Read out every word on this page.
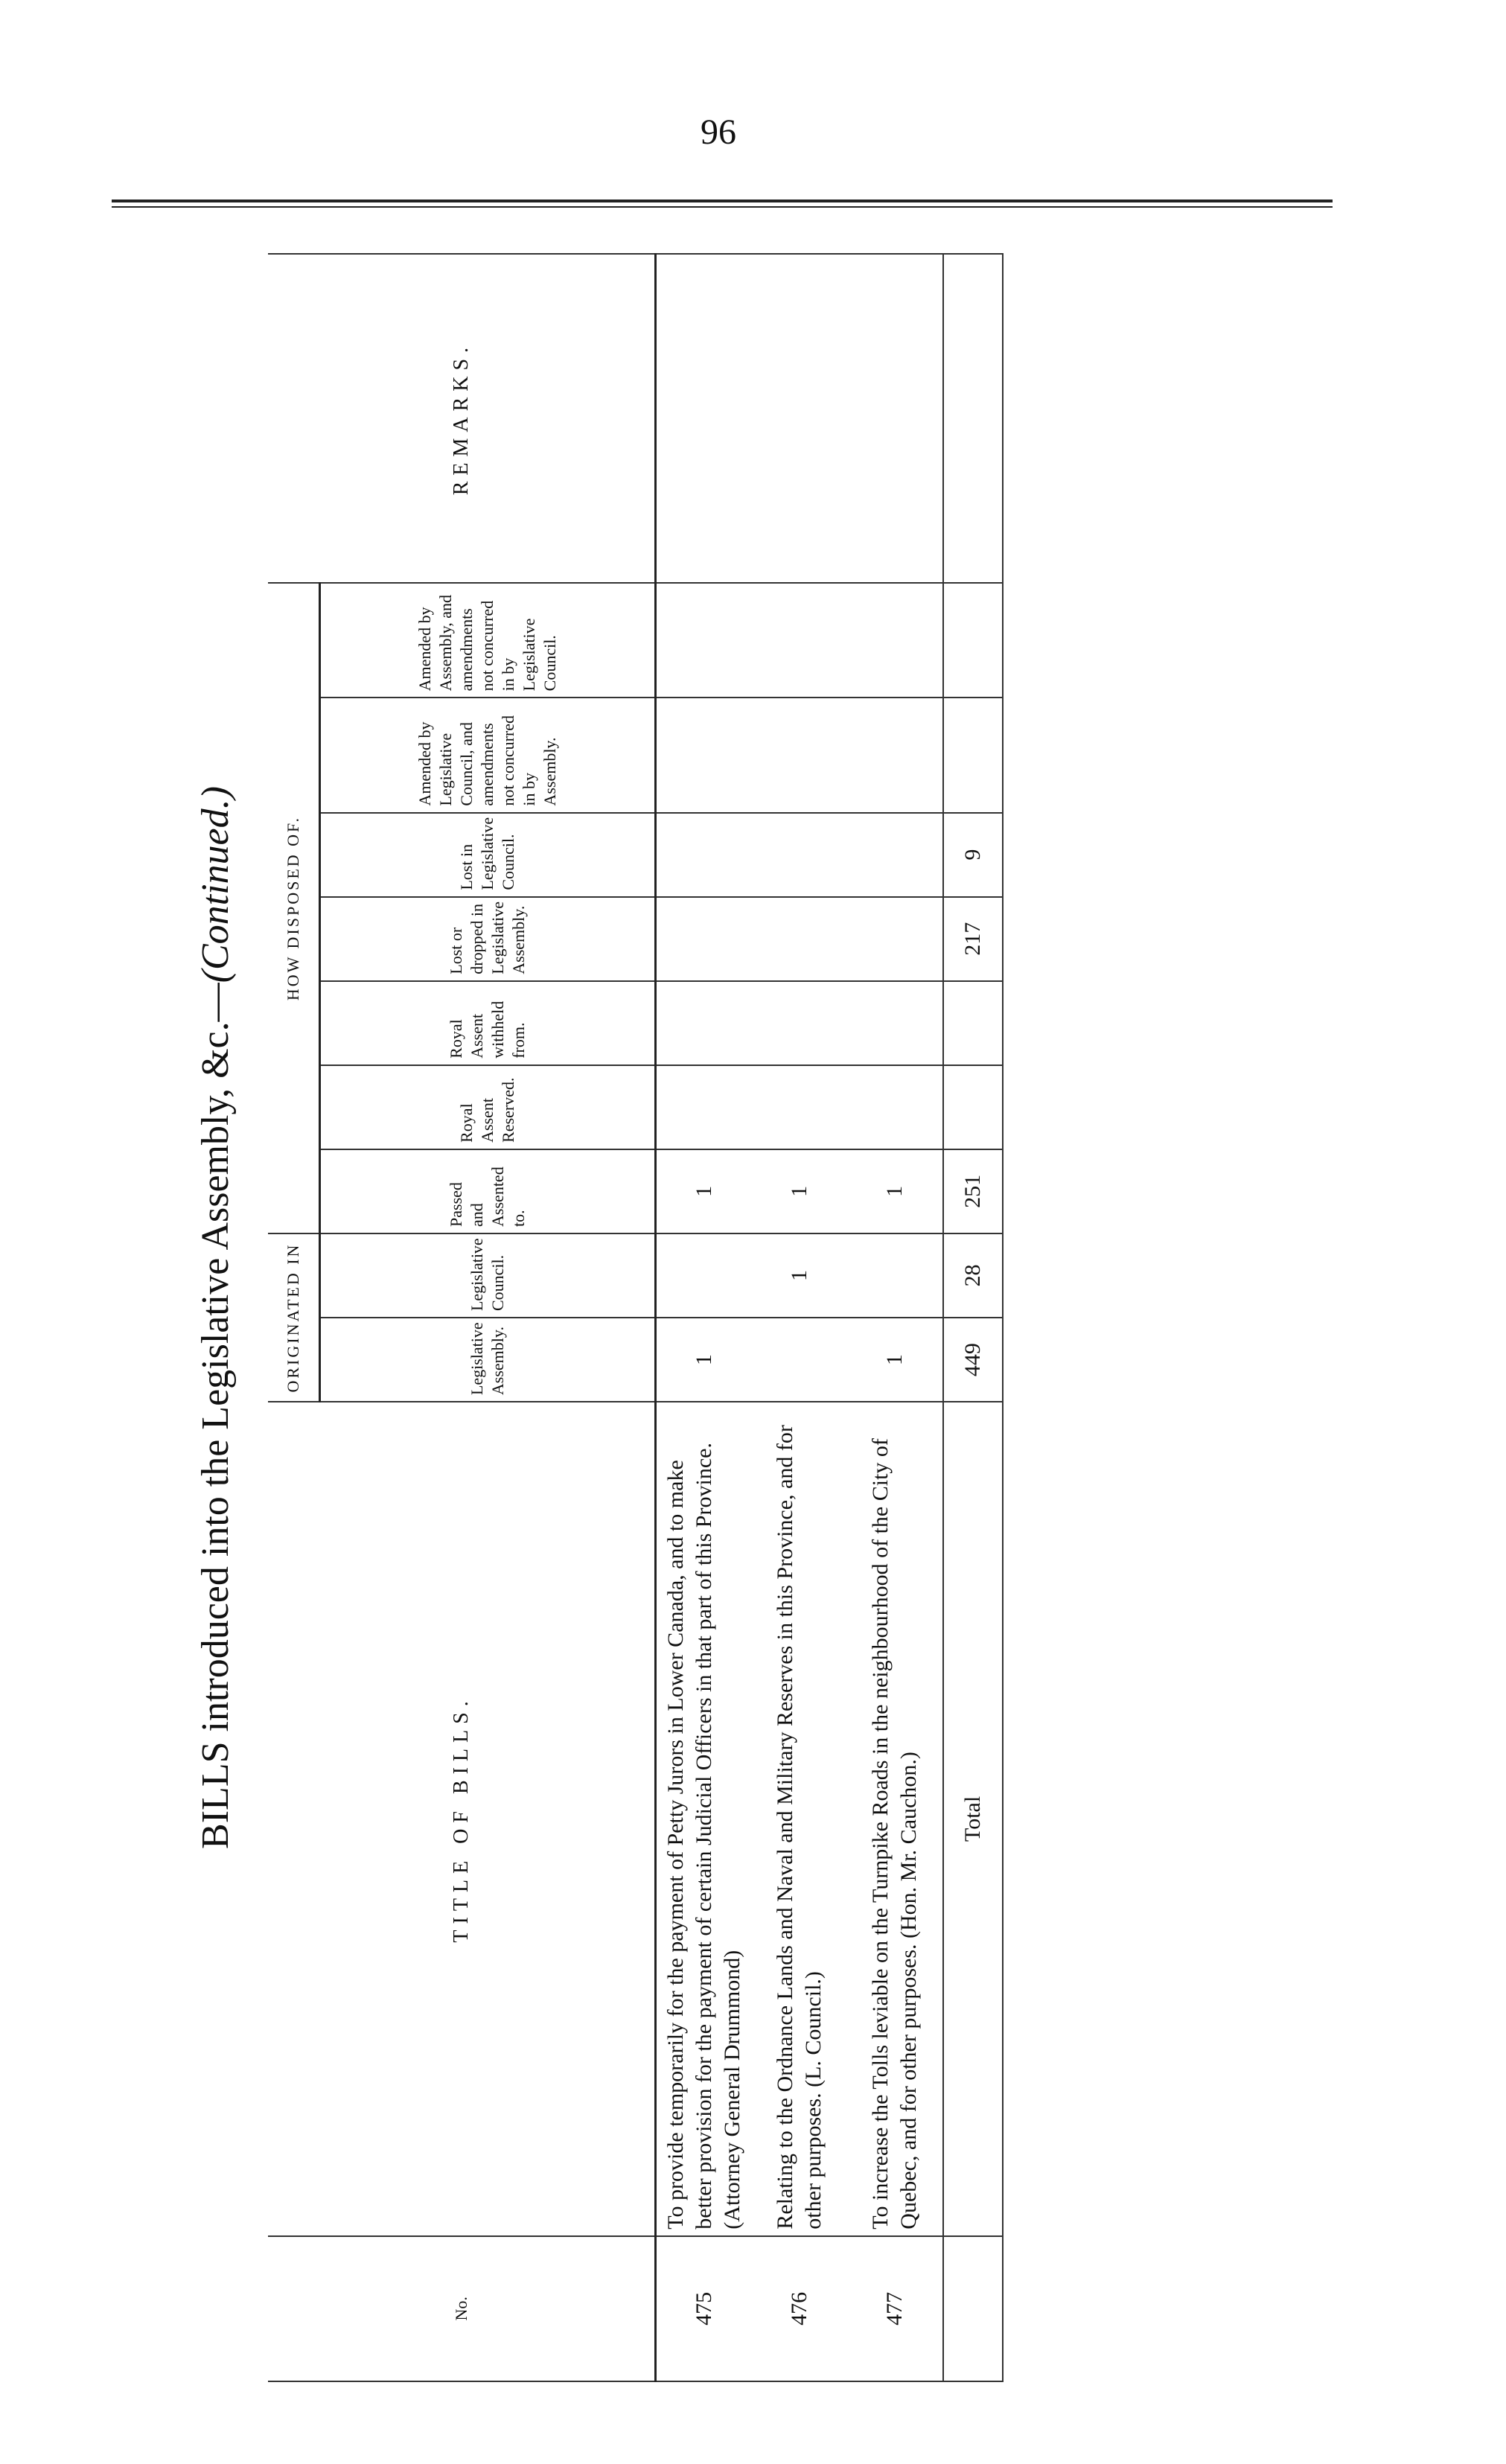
96
BILLS introduced into the Legislative Assembly, &c.—(Continued.)
No.	TITLE OF BILLS.	ORIGINATED IN		HOW DISPOSED OF.							REMARKS.
		Legislative Assembly.	Legislative Council.	Passed and Assented to.	Royal Assent Reserved.	Royal Assent withheld from.	Lost or dropped in Legislative Assembly.	Lost in Legislative Council.	Amended by Legislative Council, and amendments not concurred in by Assembly.	Amended by Assembly, and amendments not concurred in by Legislative Council.	
475	To provide temporarily for the payment of Petty Jurors in Lower Canada, and to make better provision for the payment of certain Judicial Officers in that part of this Province. (Attorney General Drummond)	1		1							
476	Relating to the Ordnance Lands and Naval and Military Reserves in this Province, and for other purposes. (L. Council.)		1	1							
477	To increase the Tolls leviable on the Turnpike Roads in the neighbourhood of the City of Quebec, and for other purposes. (Hon. Mr. Cauchon.)	1		1							
	Total	449	28	251			217	9			
